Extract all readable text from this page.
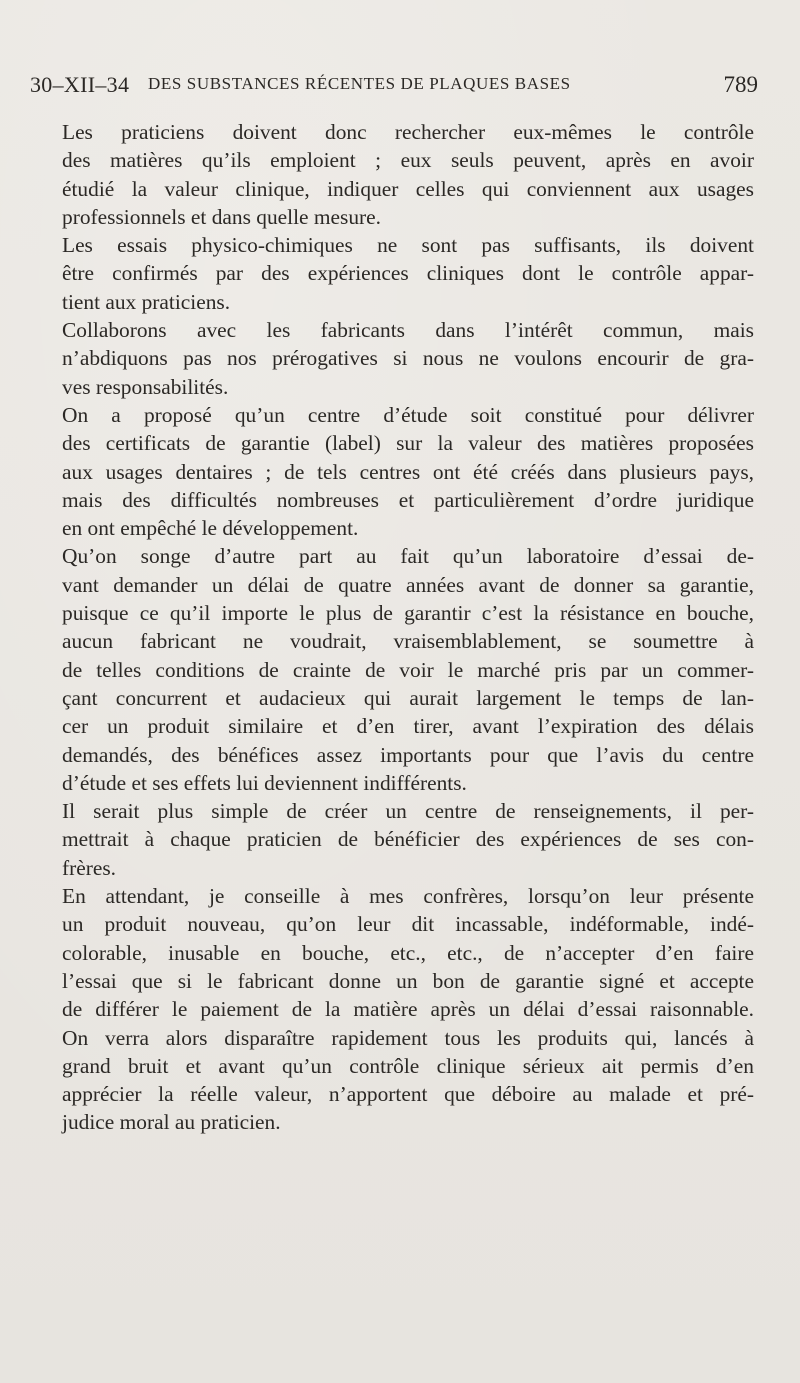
30–XII–34 DES SUBSTANCES RÉCENTES DE PLAQUES BASES	789

Les praticiens doivent donc rechercher eux-mêmes le contrôle
des matières qu’ils emploient ; eux seuls peuvent, après en avoir
étudié la valeur clinique, indiquer celles qui conviennent aux usages
professionnels et dans quelle mesure.

Les essais physico-chimiques ne sont pas suffisants, ils doivent
être confirmés par des expériences cliniques dont le contrôle appar-
tient aux praticiens.

Collaborons avec les fabricants dans l’intérêt commun, mais
n’abdiquons pas nos prérogatives si nous ne voulons encourir de gra-
ves responsabilités.

On a proposé qu’un centre d’étude soit constitué pour délivrer
des certificats de garantie (label) sur la valeur des matières proposées
aux usages dentaires ; de tels centres ont été créés dans plusieurs pays,
mais des difficultés nombreuses et particulièrement d’ordre juridique
en ont empêché le développement.

Qu’on songe d’autre part au fait qu’un laboratoire d’essai de-
vant demander un délai de quatre années avant de donner sa garantie,
puisque ce qu’il importe le plus de garantir c’est la résistance en bouche,
aucun fabricant ne voudrait, vraisemblablement, se soumettre à
de telles conditions de crainte de voir le marché pris par un commer-
çant concurrent et audacieux qui aurait largement le temps de lan-
cer un produit similaire et d’en tirer, avant l’expiration des délais
demandés, des bénéfices assez importants pour que l’avis du centre
d’étude et ses effets lui deviennent indifférents.

Il serait plus simple de créer un centre de renseignements, il per-
mettrait à chaque praticien de bénéficier des expériences de ses con-
frères.

En attendant, je conseille à mes confrères, lorsqu’on leur présente
un produit nouveau, qu’on leur dit incassable, indéformable, indé-
colorable, inusable en bouche, etc., etc., de n’accepter d’en faire
l’essai que si le fabricant donne un bon de garantie signé et accepte
de différer le paiement de la matière après un délai d’essai raisonnable.
On verra alors disparaître rapidement tous les produits qui, lancés à
grand bruit et avant qu’un contrôle clinique sérieux ait permis d’en
apprécier la réelle valeur, n’apportent que déboire au malade et pré-
judice moral au praticien.
